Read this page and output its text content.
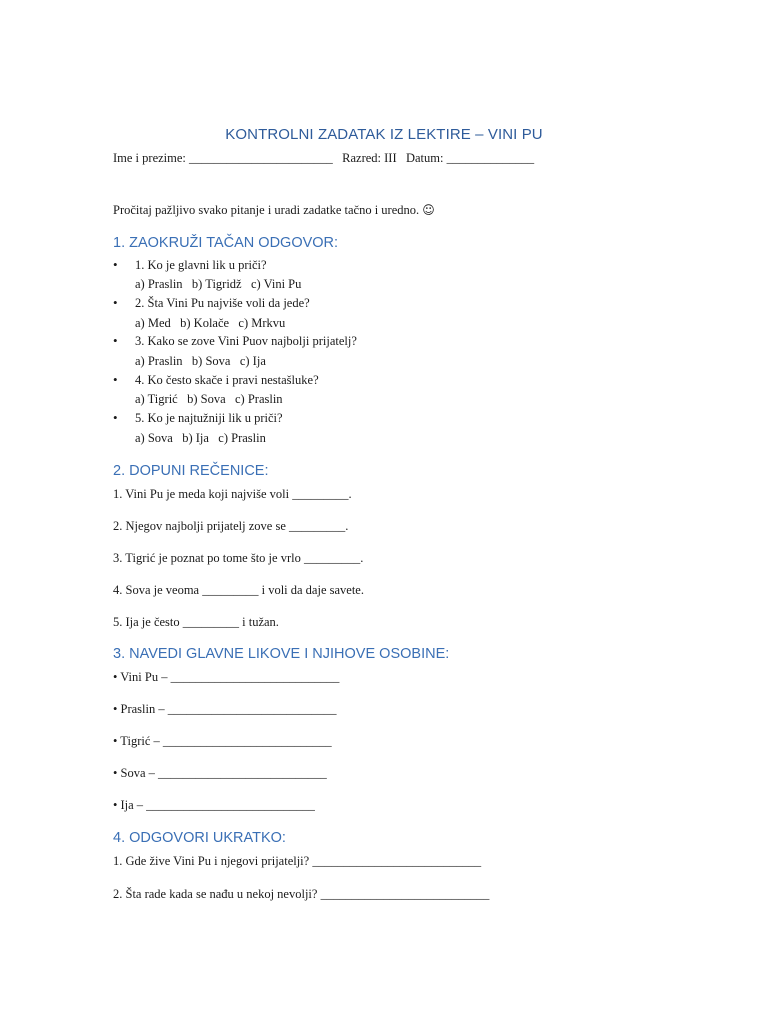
KONTROLNI ZADATAK IZ LEKTIRE – VINI PU
Ime i prezime: _______________________   Razred: III   Datum: ______________
Pročitaj pažljivo svako pitanje i uradi zadatke tačno i uredno. ☺
1. ZAOKRUŽI TAČAN ODGOVOR:
• 1. Ko je glavni lik u priči?
a) Praslin   b) Tigridž   c) Vini Pu
• 2. Šta Vini Pu najviše voli da jede?
a) Med   b) Kolače   c) Mrkvu
• 3. Kako se zove Vini Puov najbolji prijatelj?
a) Praslin   b) Sova   c) Ija
• 4. Ko često skače i pravi nestašluke?
a) Tigrić   b) Sova   c) Praslin
• 5. Ko je najtužniji lik u priči?
a) Sova   b) Ija   c) Praslin
2. DOPUNI REČENICE:
1. Vini Pu je meda koji najviše voli _________.
2. Njegov najbolji prijatelj zove se _________.
3. Tigrić je poznat po tome što je vrlo _________.
4. Sova je veoma _________ i voli da daje savete.
5. Ija je često _________ i tužan.
3. NAVEDI GLAVNE LIKOVE I NJIHOVE OSOBINE:
• Vini Pu – ___________________________
• Praslin – ___________________________
• Tigrić – ___________________________
• Sova – ___________________________
• Ija – ___________________________
4. ODGOVORI UKRATKO:
1. Gde žive Vini Pu i njegovi prijatelji? ___________________________
2. Šta rade kada se nađu u nekoj nevolji? ___________________________
